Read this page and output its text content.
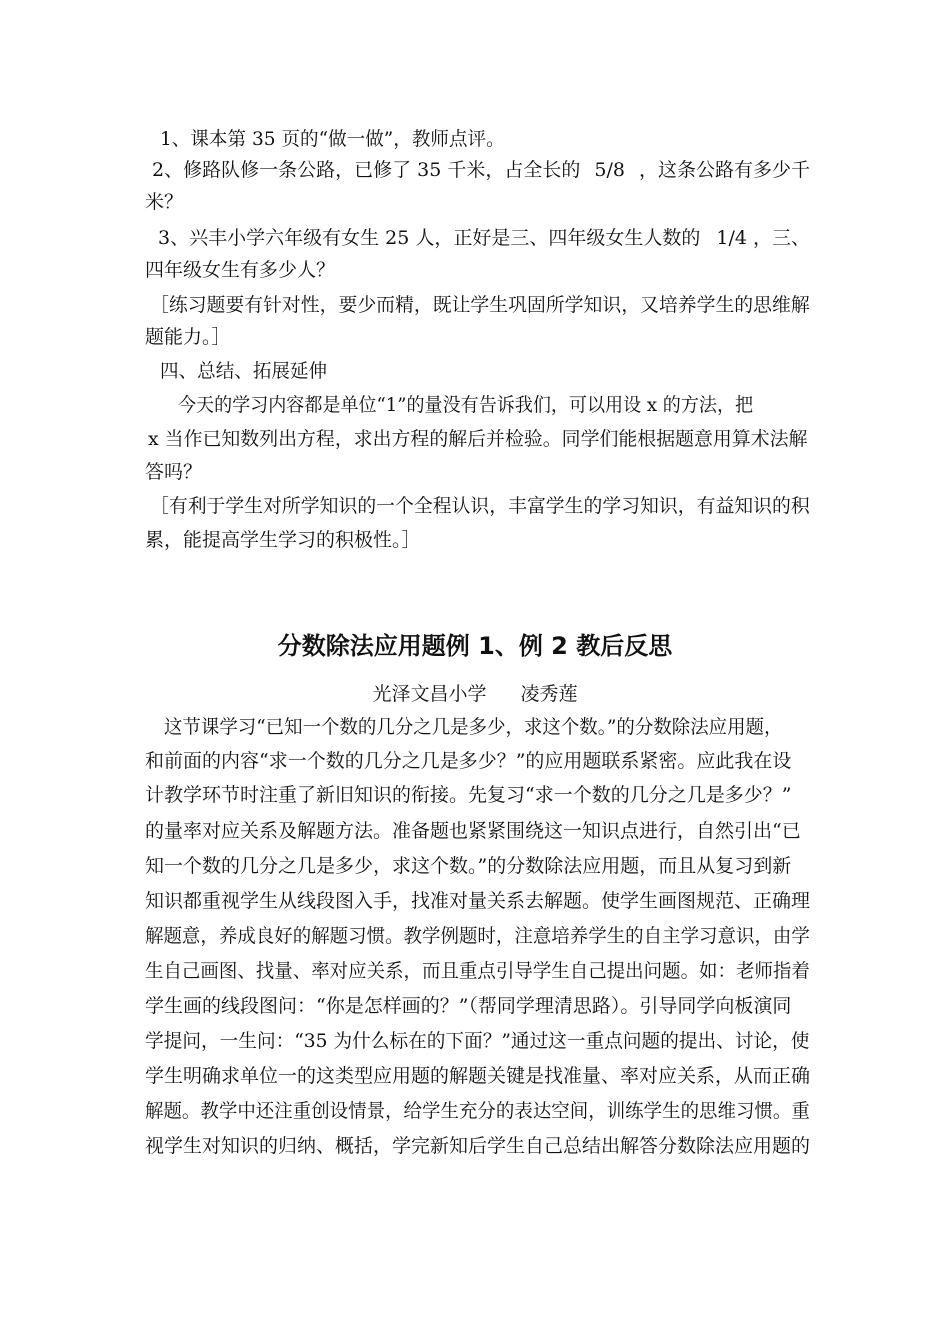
1、课本第 35 页的“做一做”，教师点评。
2、修路队修一条公路，已修了 35 千米，占全长的 5/8 ，这条公路有多少千
米？
3、兴丰小学六年级有女生 25 人，正好是三、四年级女生人数的 1/4 ，三、
四年级女生有多少人？
［练习题要有针对性，要少而精，既让学生巩固所学知识，又培养学生的思维解
题能力。］
四、总结、拓展延伸
今天的学习内容都是单位“1”的量没有告诉我们，可以用设 x 的方法，把
x 当作已知数列出方程，求出方程的解后并检验。同学们能根据题意用算术法解
答吗？
［有利于学生对所学知识的一个全程认识，丰富学生的学习知识，有益知识的积
累，能提高学生学习的积极性。］
分数除法应用题例 1、例 2 教后反思
光泽文昌小学 凌秀莲
这节课学习“已知一个数的几分之几是多少，求这个数。”的分数除法应用题，
和前面的内容“求一个数的几分之几是多少？”的应用题联系紧密。应此我在设
计教学环节时注重了新旧知识的衔接。先复习“求一个数的几分之几是多少？”
的量率对应关系及解题方法。准备题也紧紧围绕这一知识点进行，自然引出“已
知一个数的几分之几是多少，求这个数。”的分数除法应用题，而且从复习到新
知识都重视学生从线段图入手，找准对量关系去解题。使学生画图规范、正确理
解题意，养成良好的解题习惯。教学例题时，注意培养学生的自主学习意识，由学
生自己画图、找量、率对应关系，而且重点引导学生自己提出问题。如：老师指着
学生画的线段图问：“你是怎样画的？”（帮同学理清思路）。引导同学向板演同
学提问，一生问：“35 为什么标在的下面？”通过这一重点问题的提出、讨论，使
学生明确求单位一的这类型应用题的解题关键是找准量、率对应关系，从而正确
解题。教学中还注重创设情景，给学生充分的表达空间，训练学生的思维习惯。重
视学生对知识的归纳、概括，学完新知后学生自己总结出解答分数除法应用题的
